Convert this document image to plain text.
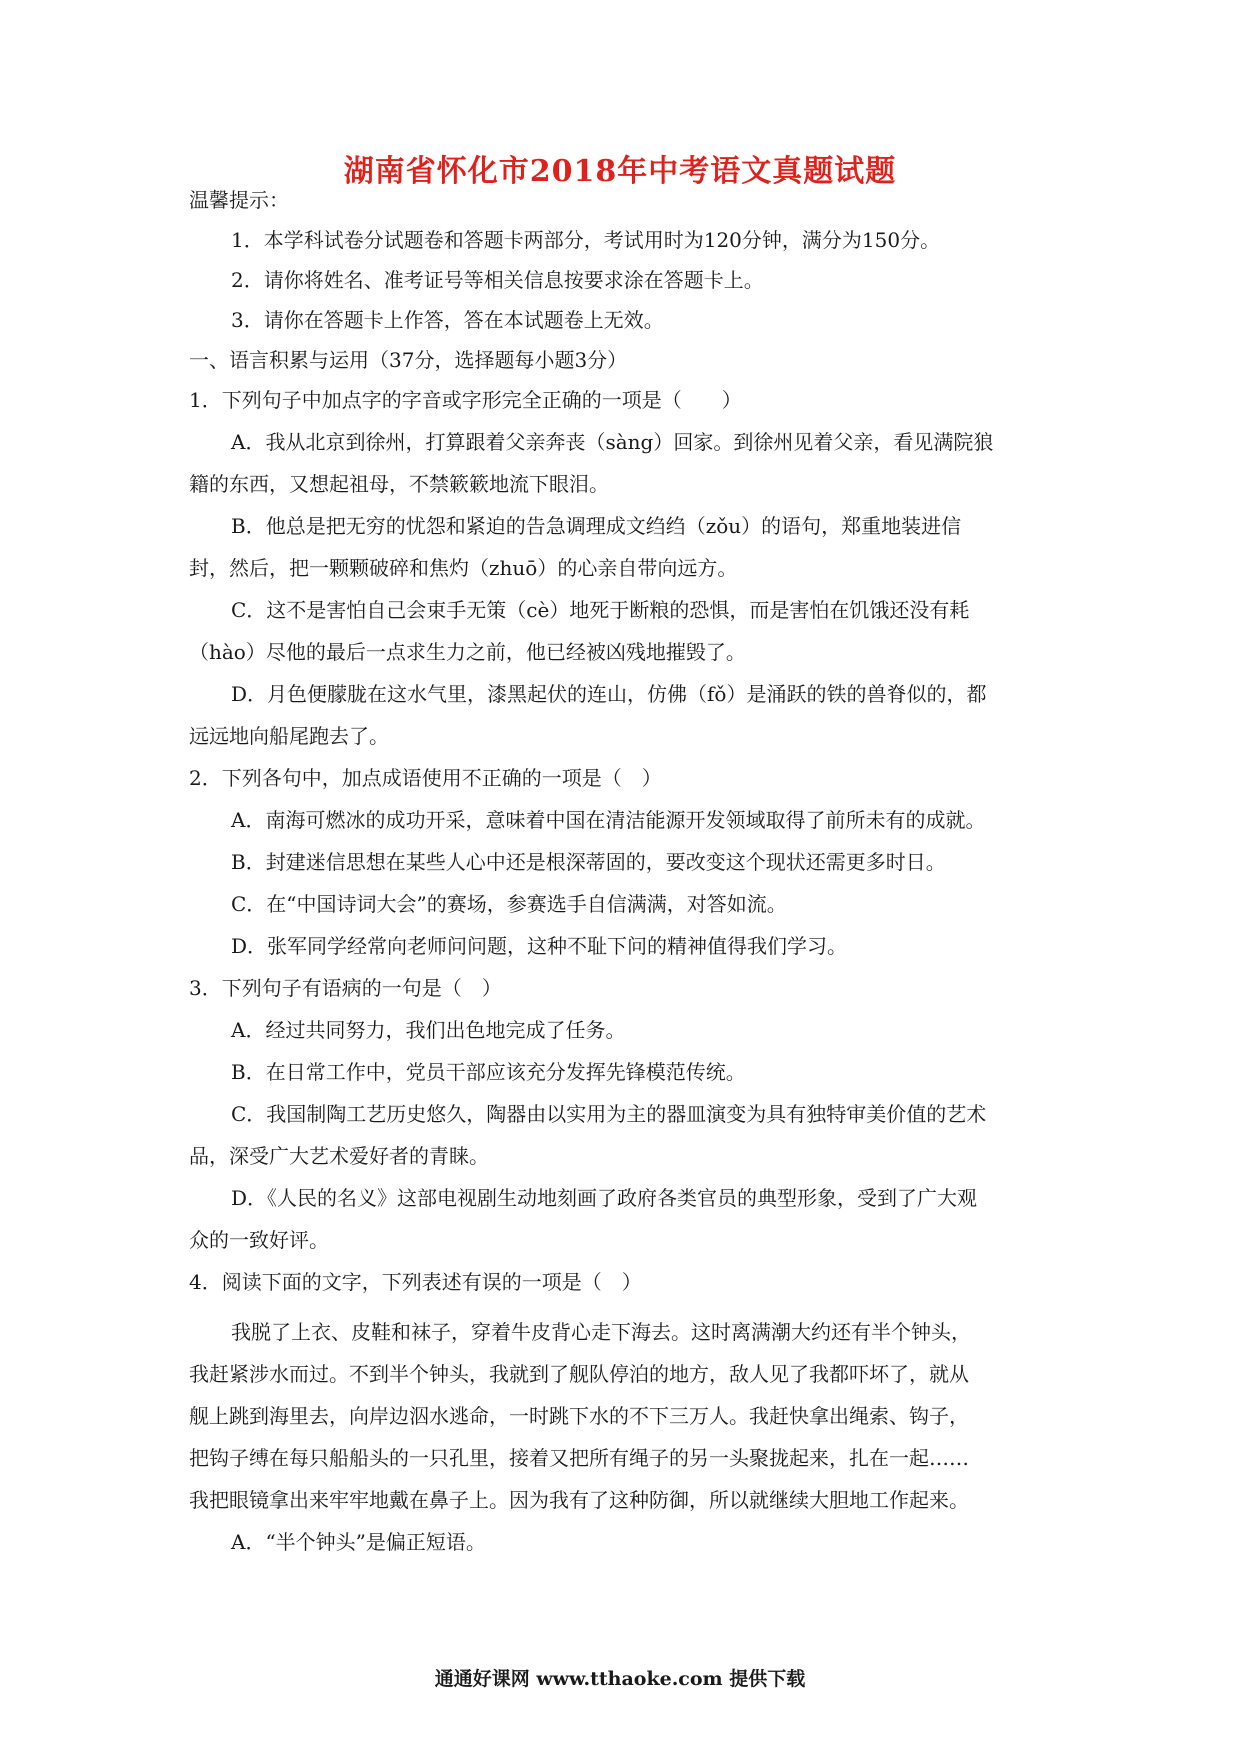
湖南省怀化市2018年中考语文真题试题
温馨提示：
1．本学科试卷分试题卷和答题卡两部分，考试用时为120分钟，满分为150分。
2．请你将姓名、准考证号等相关信息按要求涂在答题卡上。
3．请你在答题卡上作答，答在本试题卷上无效。
一、语言积累与运用（37分，选择题每小题3分）
1．下列句子中加点字的字音或字形完全正确的一项是（　　）
A．我从北京到徐州，打算跟着父亲奔丧（sàng）回家。到徐州见着父亲，看见满院狼
籍的东西，又想起祖母，不禁簌簌地流下眼泪。
B．他总是把无穷的忧怨和紧迫的告急调理成文绉绉（zǒu）的语句，郑重地装进信
封，然后，把一颗颗破碎和焦灼（zhuō）的心亲自带向远方。
C．这不是害怕自己会束手无策（cè）地死于断粮的恐惧，而是害怕在饥饿还没有耗
（hào）尽他的最后一点求生力之前，他已经被凶残地摧毁了。
D．月色便朦胧在这水气里，漆黑起伏的连山，仿佛（fǒ）是涌跃的铁的兽脊似的，都
远远地向船尾跑去了。
2．下列各句中，加点成语使用不正确的一项是（　）
A．南海可燃冰的成功开采，意味着中国在清洁能源开发领域取得了前所未有的成就。
B．封建迷信思想在某些人心中还是根深蒂固的，要改变这个现状还需更多时日。
C．在“中国诗词大会”的赛场，参赛选手自信满满，对答如流。
D．张军同学经常向老师问问题，这种不耻下问的精神值得我们学习。
3．下列句子有语病的一句是（　）
A．经过共同努力，我们出色地完成了任务。
B．在日常工作中，党员干部应该充分发挥先锋模范传统。
C．我国制陶工艺历史悠久，陶器由以实用为主的器皿演变为具有独特审美价值的艺术
品，深受广大艺术爱好者的青睐。
D．《人民的名义》这部电视剧生动地刻画了政府各类官员的典型形象，受到了广大观
众的一致好评。
4．阅读下面的文字，下列表述有误的一项是（　）
我脱了上衣、皮鞋和袜子，穿着牛皮背心走下海去。这时离满潮大约还有半个钟头，
我赶紧涉水而过。不到半个钟头，我就到了舰队停泊的地方，敌人见了我都吓坏了，就从
舰上跳到海里去，向岸边泅水逃命，一时跳下水的不下三万人。我赶快拿出绳索、钩子，
把钩子缚在每只船船头的一只孔里，接着又把所有绳子的另一头聚拢起来，扎在一起……
我把眼镜拿出来牢牢地戴在鼻子上。因为我有了这种防御，所以就继续大胆地工作起来。
A．“半个钟头”是偏正短语。
通通好课网 www.tthaoke.com 提供下载
